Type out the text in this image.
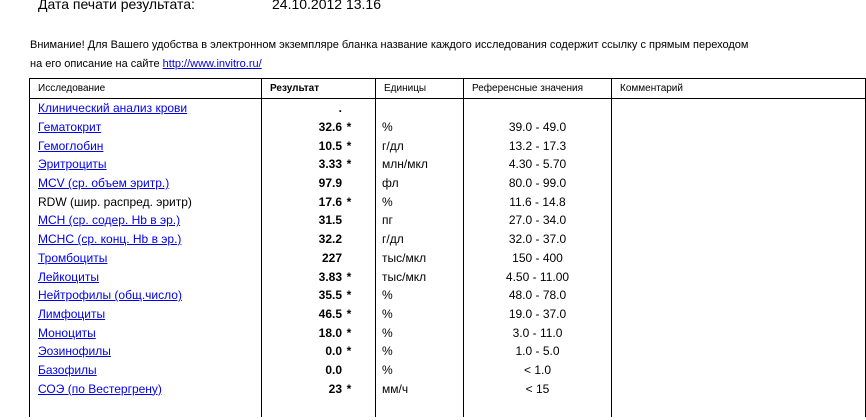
Дата печати результата:	24.10.2012 13.16
Внимание! Для Вашего удобства в электронном экземпляре бланка название каждого исследования содержит ссылку с прямым переходом
на его описание на сайте http://www.invitro.ru/
Исследование	Результат	Единицы	Референсные значения	Комментарий
Клинический анализ крови	.			
Гематокрит	32.6 *	%	39.0 - 49.0	
Гемоглобин	10.5 *	г/дл	13.2 - 17.3	
Эритроциты	3.33 *	млн/мкл	4.30 - 5.70	
MCV (ср. объем эритр.)	97.9	фл	80.0 - 99.0	
RDW (шир. распред. эритр)	17.6 *	%	11.6 - 14.8	
MCH (ср. содер. Hb в эр.)	31.5	пг	27.0 - 34.0	
MCHC (ср. конц. Hb в эр.)	32.2	г/дл	32.0 - 37.0	
Тромбоциты	227	тыс/мкл	150 - 400	
Лейкоциты	3.83 *	тыс/мкл	4.50 - 11.00	
Нейтрофилы (общ.число)	35.5 *	%	48.0 - 78.0	
Лимфоциты	46.5 *	%	19.0 - 37.0	
Моноциты	18.0 *	%	3.0 - 11.0	
Эозинофилы	0.0 *	%	1.0 - 5.0	
Базофилы	0.0	%	< 1.0	
СОЭ (по Вестергрену)	23 *	мм/ч	< 15	
